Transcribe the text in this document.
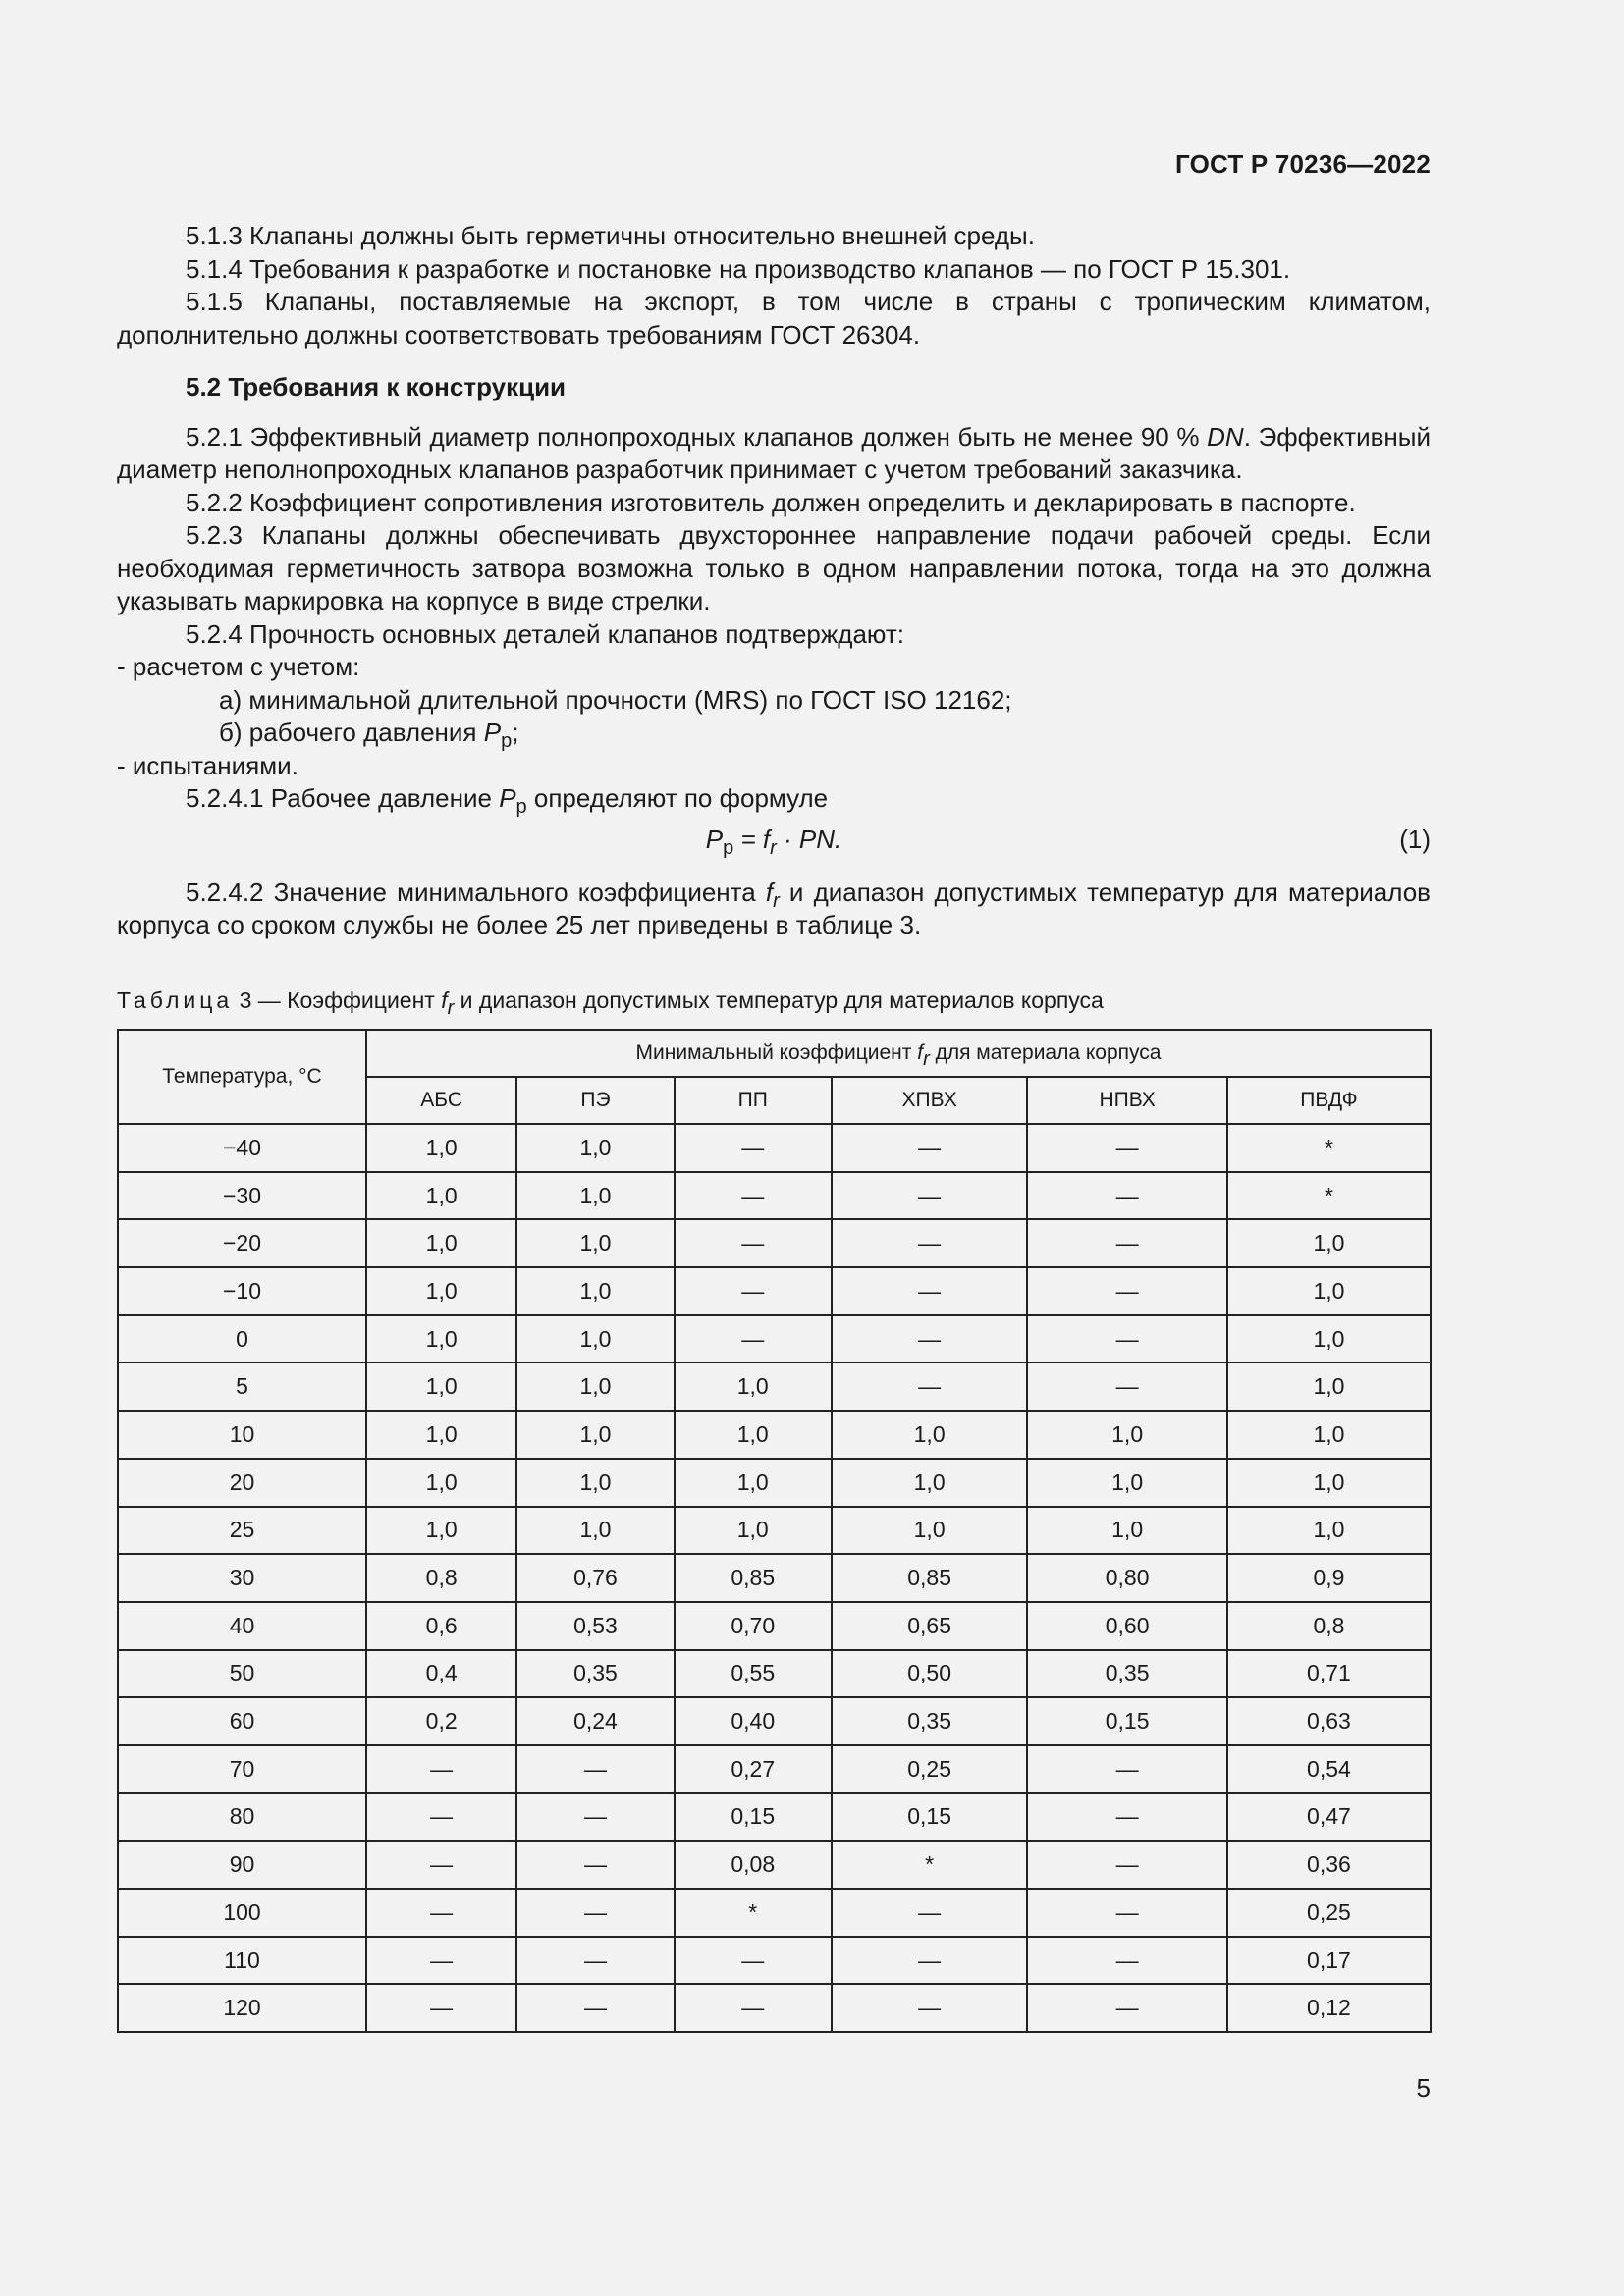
ГОСТ Р 70236—2022

5.1.3 Клапаны должны быть герметичны относительно внешней среды.

5.1.4 Требования к разработке и постановке на производство клапанов — по ГОСТ Р 15.301.

5.1.5 Клапаны, поставляемые на экспорт, в том числе в страны с тропическим климатом, дополнительно должны соответствовать требованиям ГОСТ 26304.

5.2 Требования к конструкции

5.2.1 Эффективный диаметр полнопроходных клапанов должен быть не менее 90 % DN. Эффективный диаметр неполнопроходных клапанов разработчик принимает с учетом требований заказчика.

5.2.2 Коэффициент сопротивления изготовитель должен определить и декларировать в паспорте.

5.2.3 Клапаны должны обеспечивать двухстороннее направление подачи рабочей среды. Если необходимая герметичность затвора возможна только в одном направлении потока, тогда на это должна указывать маркировка на корпусе в виде стрелки.

5.2.4 Прочность основных деталей клапанов подтверждают:

- расчетом с учетом:

а) минимальной длительной прочности (MRS) по ГОСТ ISO 12162;

б) рабочего давления $P_р$;

- испытаниями.

5.2.4.1 Рабочее давление $P_р$ определяют по формуле

$P_р = f_r$ · PN.	(1)

5.2.4.2 Значение минимального коэффициента $f_r$ и диапазон допустимых температур для материалов корпуса со сроком службы не более 25 лет приведены в таблице 3.

Таблица 3 — Коэффициент $f_r$ и диапазон допустимых температур для материалов корпуса
Температура, °С	Минимальный коэффициент $f_r$ для материала корпуса					
	АБС	ПЭ	ПП	ХПВХ	НПВХ	ПВДФ
−40	1,0	1,0	—	—	—	*
−30	1,0	1,0	—	—	—	*
−20	1,0	1,0	—	—	—	1,0
−10	1,0	1,0	—	—	—	1,0
0	1,0	1,0	—	—	—	1,0
5	1,0	1,0	1,0	—	—	1,0
10	1,0	1,0	1,0	1,0	1,0	1,0
20	1,0	1,0	1,0	1,0	1,0	1,0
25	1,0	1,0	1,0	1,0	1,0	1,0
30	0,8	0,76	0,85	0,85	0,80	0,9
40	0,6	0,53	0,70	0,65	0,60	0,8
50	0,4	0,35	0,55	0,50	0,35	0,71
60	0,2	0,24	0,40	0,35	0,15	0,63
70	—	—	0,27	0,25	—	0,54
80	—	—	0,15	0,15	—	0,47
90	—	—	0,08	*	—	0,36
100	—	—	*	—	—	0,25
110	—	—	—	—	—	0,17
120	—	—	—	—	—	0,12
5
